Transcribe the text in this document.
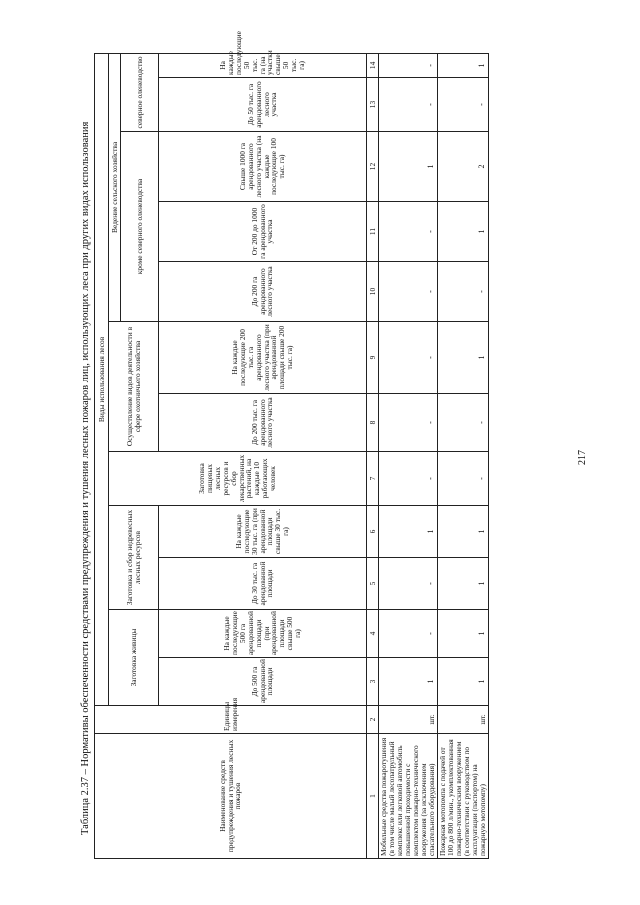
Таблица 2.37 – Нормативы обеспеченности средствами предупреждения и тушения лесных пожаров лиц, использующих леса при других видах использования	Наименование средств предупреждения и тушения лесных пожаров	Единицы измерения	Виды использования лесов											
		Заготовка живицы		Заготовка и сбор недревесных лесных ресурсов		Заготовка пищевых лесных ресурсов и сбор лекарственных растений, на каждые 10 работающих человек	Осуществление видов деятельности в сфере охотничьего хозяйства		Ведение сельского хозяйства				
									кроме северного оленеводства			северное оленеводство	
		До 500 га арендованной площади	На каждые последующие 500 га арендованной площади (при арендованной площади свыше 500 га)	До 30 тыс. га арендованной площади	На каждые последующие 30 тыс. га (при арендованной площади свыше 30 тыс. га)		До 200 тыс. га арендованного лесного участка	На каждые последующие 200 тыс. га арендованного лесного участка (при арендованной площади свыше 200 тыс. га)	До 200 га арендованного лесного участка	От 200 до 1000 га арендованного участка	Свыше 1000 га арендованного лесного участка (на каждые последующие 100 тыс. га)	До 50 тыс. га арендованного лесного участка	На каждые последующие 50 тыс. га (на участки свыше 50 тыс. га)
1	2	3	4	5	6	7	8	9	10	11	12	13	14
Мобильные средства пожаротушения (в том числе малый лесопатрульный комплекс или легковой автомобиль повышенной проходимости с комплектом пожарно-технического вооружения (за исключением спасательного оборудования)	шт.	1	-	-	1	-	-	-	-	-	1	-	-
Пожарная мотопомпа с подачей от 100 до 800 л/мин., укомплектованная пожарно-техническим вооружением (в соответствии с руководством по эксплуатации (паспортом) на пожарную мотопомпу)	шт.	1	1	1	1	-	-	1	-	1	2	-	1
217
